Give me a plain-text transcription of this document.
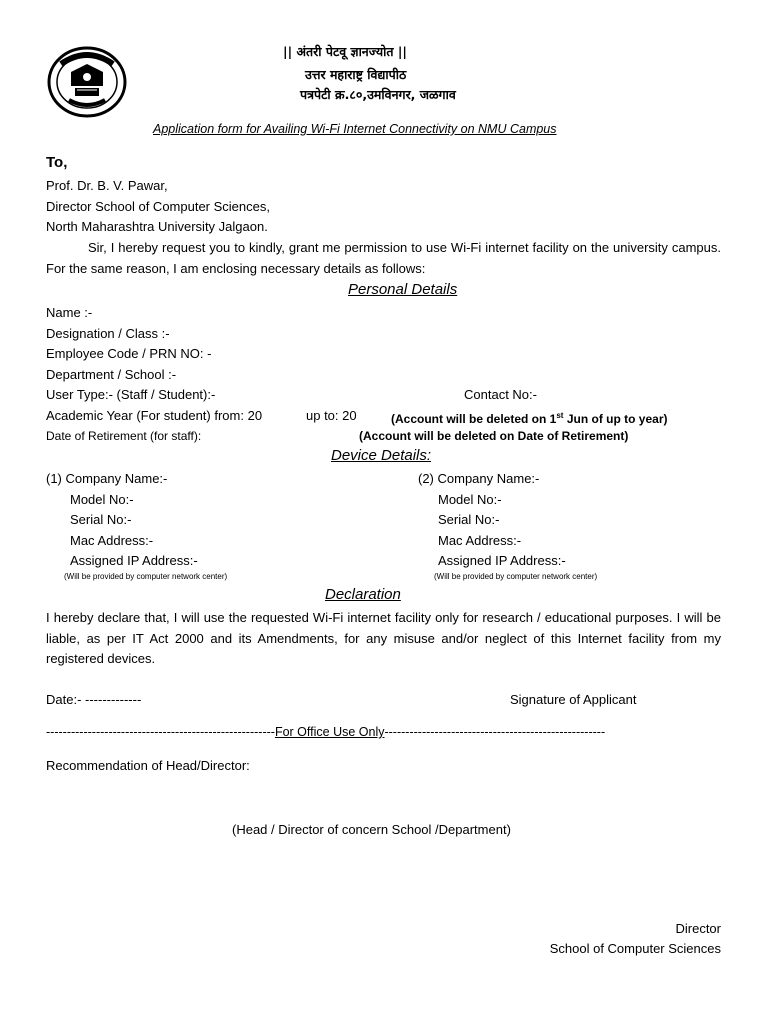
|| अंतरी पेटवू ज्ञानज्योत ||
उत्तर महाराष्ट्र विद्यापीठ
पत्रपेटी क्र.८०,उमविनगर, जळगाव
Application form for Availing Wi-Fi Internet Connectivity on NMU Campus
To,
Prof. Dr. B. V. Pawar,
Director School of Computer Sciences,
North Maharashtra University Jalgaon.
Sir, I hereby request you to kindly, grant me permission to use Wi-Fi internet facility on the university campus. For the same reason, I am enclosing necessary details as follows:
Personal Details
Name :-
Designation / Class :-
Employee Code / PRN NO: -
Department / School :-
User Type:- (Staff / Student):-	Contact No:-
Academic Year (For student) from: 20	up to: 20	(Account will be deleted on 1st Jun of up to year)
Date of Retirement (for staff):	(Account will be deleted on Date of Retirement)
Device Details:
(1) Company Name:-
Model No:-
Serial No:-
Mac Address:-
Assigned IP Address:-
(Will be provided by computer network center)
(2) Company Name:-
Model No:-
Serial No:-
Mac Address:-
Assigned IP Address:-
(Will be provided by computer network center)
Declaration
I hereby declare that, I will use the requested Wi-Fi internet facility only for research / educational purposes. I will be liable, as per IT Act 2000 and its Amendments, for any misuse and/or neglect of this Internet facility from my registered devices.
Date:- -------------	Signature of Applicant
-------------------------------------------------------For Office Use Only-----------------------------------------------------
Recommendation of Head/Director:
(Head / Director of concern School /Department)
Director
School of Computer Sciences
